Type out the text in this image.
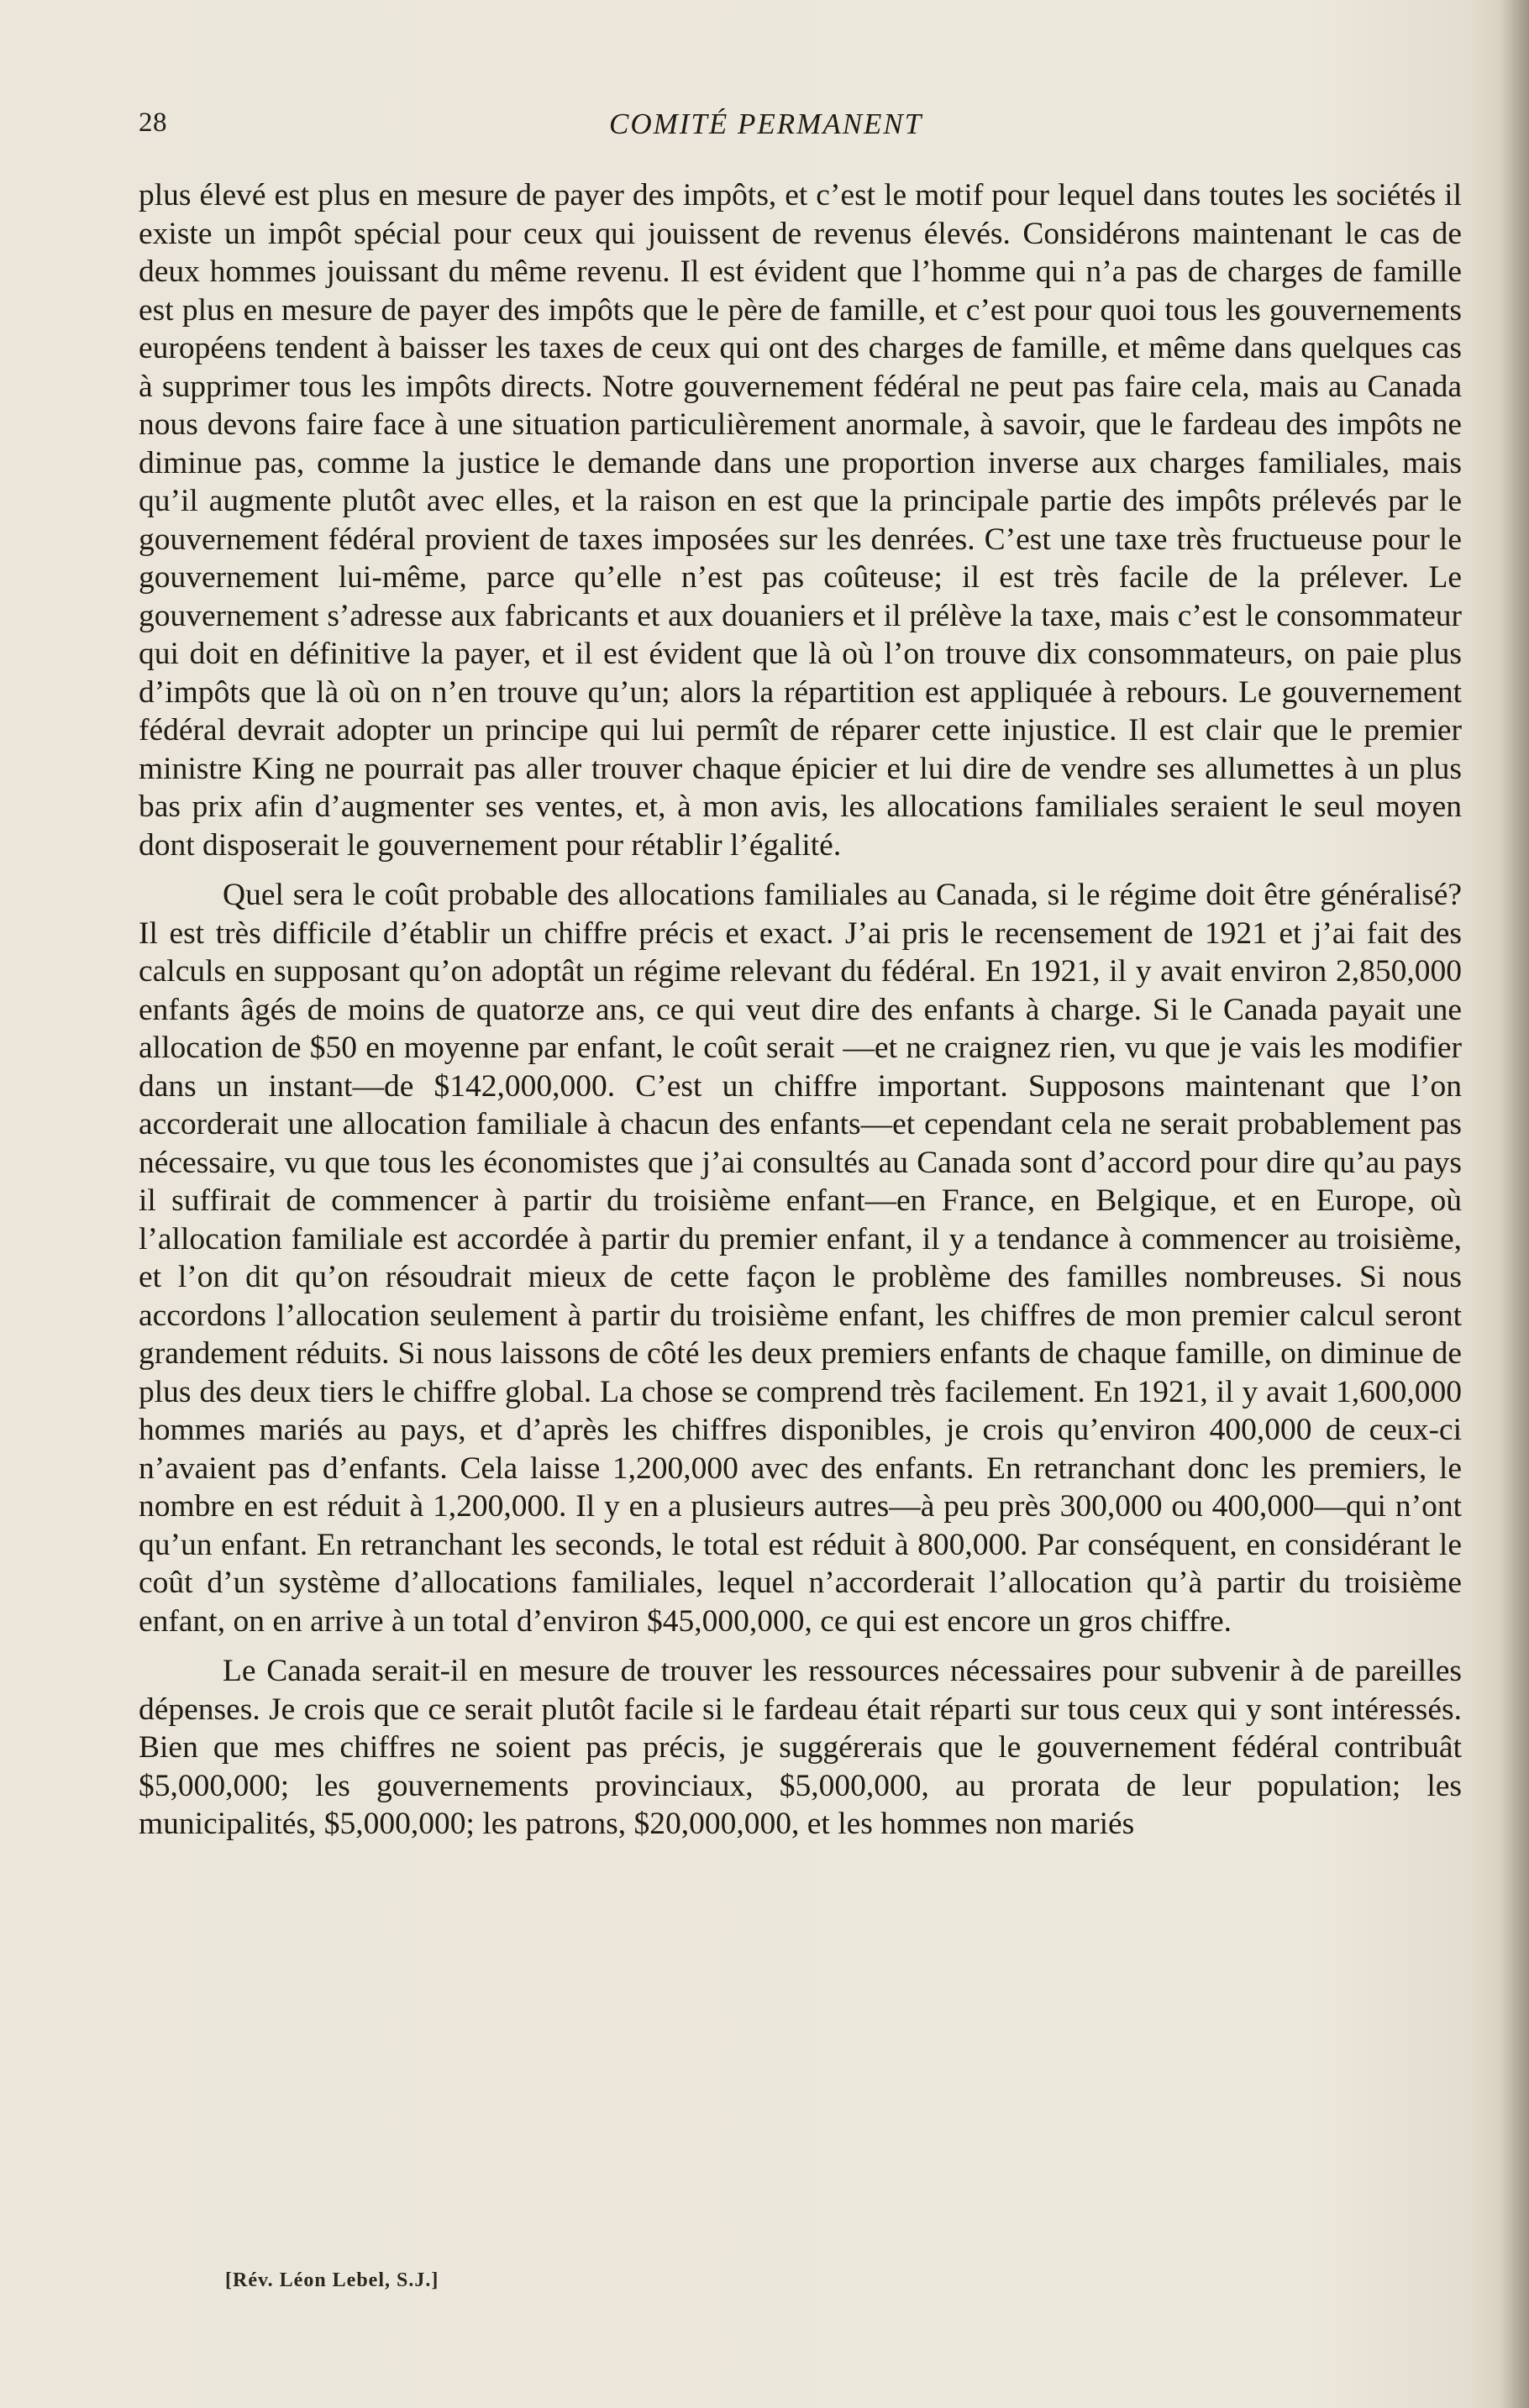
28	COMITÉ PERMANENT

plus élevé est plus en mesure de payer des impôts, et c’est le motif pour lequel dans toutes les sociétés il existe un impôt spécial pour ceux qui jouissent de revenus élevés. Considérons maintenant le cas de deux hommes jouissant du même revenu. Il est évident que l’homme qui n’a pas de charges de famille est plus en mesure de payer des impôts que le père de famille, et c’est pour quoi tous les gouvernements européens tendent à baisser les taxes de ceux qui ont des charges de famille, et même dans quelques cas à supprimer tous les impôts directs. Notre gouvernement fédéral ne peut pas faire cela, mais au Canada nous devons faire face à une situation particulièrement anormale, à savoir, que le fardeau des impôts ne diminue pas, comme la justice le demande dans une proportion inverse aux charges familiales, mais qu’il augmente plutôt avec elles, et la raison en est que la principale partie des impôts prélevés par le gouvernement fédéral provient de taxes imposées sur les denrées. C’est une taxe très fructueuse pour le gouvernement lui-même, parce qu’elle n’est pas coûteuse; il est très facile de la prélever. Le gouvernement s’adresse aux fabricants et aux douaniers et il prélève la taxe, mais c’est le consommateur qui doit en définitive la payer, et il est évident que là où l’on trouve dix consommateurs, on paie plus d’impôts que là où on n’en trouve qu’un; alors la répartition est appliquée à rebours. Le gouvernement fédéral devrait adopter un principe qui lui permît de réparer cette injustice. Il est clair que le premier ministre King ne pourrait pas aller trouver chaque épicier et lui dire de vendre ses allumettes à un plus bas prix afin d’augmenter ses ventes, et, à mon avis, les allocations familiales seraient le seul moyen dont disposerait le gouvernement pour rétablir l’égalité.

Quel sera le coût probable des allocations familiales au Canada, si le régime doit être généralisé? Il est très difficile d’établir un chiffre précis et exact. J’ai pris le recensement de 1921 et j’ai fait des calculs en supposant qu’on adoptât un régime relevant du fédéral. En 1921, il y avait environ 2,850,000 enfants âgés de moins de quatorze ans, ce qui veut dire des enfants à charge. Si le Canada payait une allocation de $50 en moyenne par enfant, le coût serait —et ne craignez rien, vu que je vais les modifier dans un instant—de $142,000,000. C’est un chiffre important. Supposons maintenant que l’on accorderait une allocation familiale à chacun des enfants—et cependant cela ne serait probablement pas nécessaire, vu que tous les économistes que j’ai consultés au Canada sont d’accord pour dire qu’au pays il suffirait de commencer à partir du troisième enfant—en France, en Belgique, et en Europe, où l’allocation familiale est accordée à partir du premier enfant, il y a tendance à commencer au troisième, et l’on dit qu’on résoudrait mieux de cette façon le problème des familles nombreuses. Si nous accordons l’allocation seulement à partir du troisième enfant, les chiffres de mon premier calcul seront grandement réduits. Si nous laissons de côté les deux premiers enfants de chaque famille, on diminue de plus des deux tiers le chiffre global. La chose se comprend très facilement. En 1921, il y avait 1,600,000 hommes mariés au pays, et d’après les chiffres disponibles, je crois qu’environ 400,000 de ceux-ci n’avaient pas d’enfants. Cela laisse 1,200,000 avec des enfants. En retranchant donc les premiers, le nombre en est réduit à 1,200,000. Il y en a plusieurs autres—à peu près 300,000 ou 400,000—qui n’ont qu’un enfant. En retranchant les seconds, le total est réduit à 800,000. Par conséquent, en considérant le coût d’un système d’allocations familiales, lequel n’accorderait l’allocation qu’à partir du troisième enfant, on en arrive à un total d’environ $45,000,000, ce qui est encore un gros chiffre.

Le Canada serait-il en mesure de trouver les ressources nécessaires pour subvenir à de pareilles dépenses. Je crois que ce serait plutôt facile si le fardeau était réparti sur tous ceux qui y sont intéressés. Bien que mes chiffres ne soient pas précis, je suggérerais que le gouvernement fédéral contribuât $5,000,000; les gouvernements provinciaux, $5,000,000, au prorata de leur population; les municipalités, $5,000,000; les patrons, $20,000,000, et les hommes non mariés

[Rév. Léon Lebel, S.J.]
